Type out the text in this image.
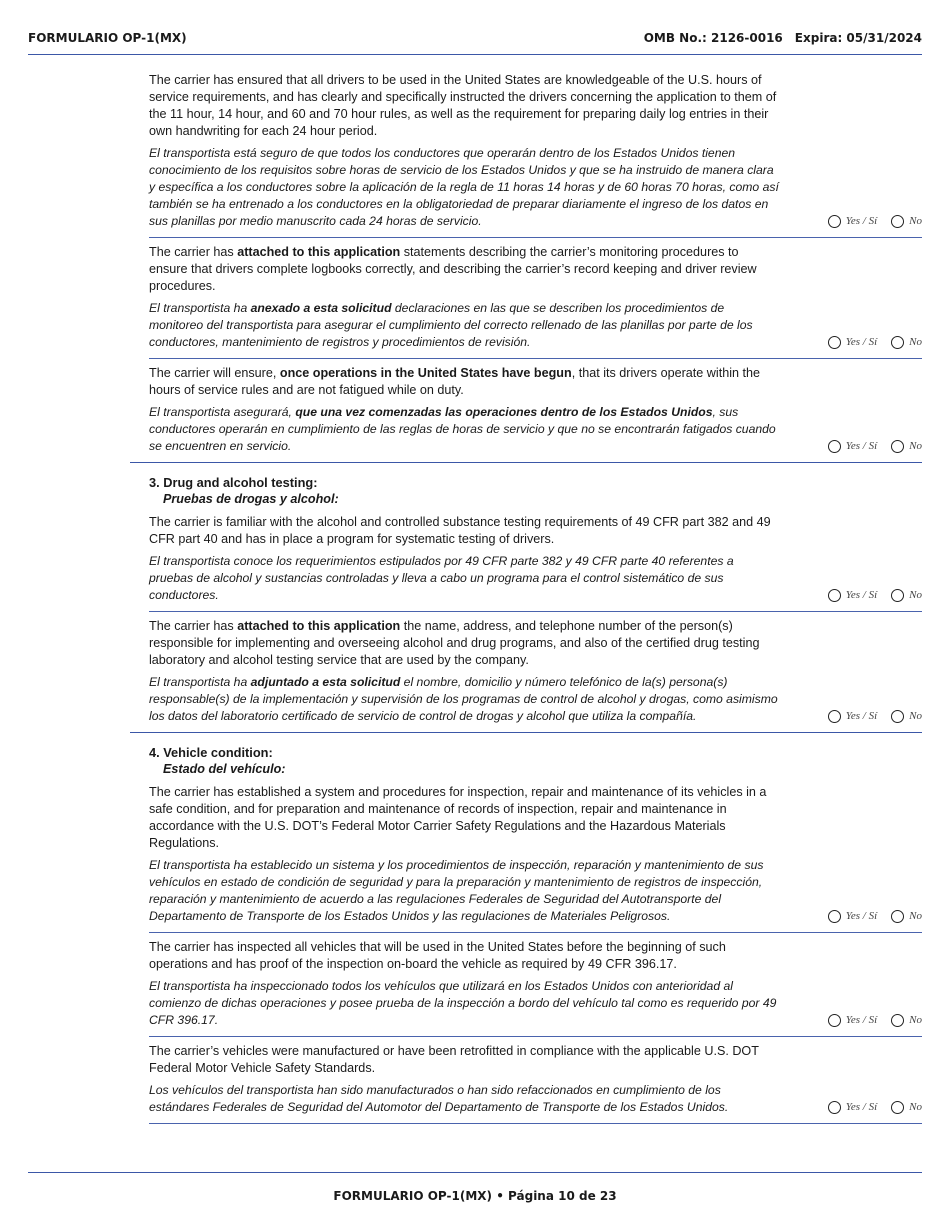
FORMULARIO OP-1(MX)	OMB No.: 2126-0016 Expira: 05/31/2024
The carrier has ensured that all drivers to be used in the United States are knowledgeable of the U.S. hours of service requirements, and has clearly and specifically instructed the drivers concerning the application to them of the 11 hour, 14 hour, and 60 and 70 hour rules, as well as the requirement for preparing daily log entries in their own handwriting for each 24 hour period.
El transportista está seguro de que todos los conductores que operarán dentro de los Estados Unidos tienen conocimiento de los requisitos sobre horas de servicio de los Estados Unidos y que se ha instruido de manera clara y específica a los conductores sobre la aplicación de la regla de 11 horas 14 horas y de 60 horas 70 horas, como así también se ha entrenado a los conductores en la obligatoriedad de preparar diariamente el ingreso de los datos en sus planillas por medio manuscrito cada 24 horas de servicio.	Yes / Sí	No
The carrier has attached to this application statements describing the carrier’s monitoring procedures to ensure that drivers complete logbooks correctly, and describing the carrier’s record keeping and driver review procedures.
El transportista ha anexado a esta solicitud declaraciones en las que se describen los procedimientos de monitoreo del transportista para asegurar el cumplimiento del correcto rellenado de las planillas por parte de los conductores, mantenimiento de registros y procedimientos de revisión.	Yes / Sí	No
The carrier will ensure, once operations in the United States have begun, that its drivers operate within the hours of service rules and are not fatigued while on duty.
El transportista asegurará, que una vez comenzadas las operaciones dentro de los Estados Unidos, sus conductores operarán en cumplimiento de las reglas de horas de servicio y que no se encontrarán fatigados cuando se encuentren en servicio.	Yes / Sí	No
3. Drug and alcohol testing:
Pruebas de drogas y alcohol:
The carrier is familiar with the alcohol and controlled substance testing requirements of 49 CFR part 382 and 49 CFR part 40 and has in place a program for systematic testing of drivers.
El transportista conoce los requerimientos estipulados por 49 CFR parte 382 y 49 CFR parte 40 referentes a pruebas de alcohol y sustancias controladas y lleva a cabo un programa para el control sistemático de sus conductores.	Yes / Sí	No
The carrier has attached to this application the name, address, and telephone number of the person(s) responsible for implementing and overseeing alcohol and drug programs, and also of the certified drug testing laboratory and alcohol testing service that are used by the company.
El transportista ha adjuntado a esta solicitud el nombre, domicilio y número telefónico de la(s) persona(s) responsable(s) de la implementación y supervisión de los programas de control de alcohol y drogas, como asimismo los datos del laboratorio certificado de servicio de control de drogas y alcohol que utiliza la compañía.	Yes / Sí	No
4. Vehicle condition:
Estado del vehículo:
The carrier has established a system and procedures for inspection, repair and maintenance of its vehicles in a safe condition, and for preparation and maintenance of records of inspection, repair and maintenance in accordance with the U.S. DOT’s Federal Motor Carrier Safety Regulations and the Hazardous Materials Regulations.
El transportista ha establecido un sistema y los procedimientos de inspección, reparación y mantenimiento de sus vehículos en estado de condición de seguridad y para la preparación y mantenimiento de registros de inspección, reparación y mantenimiento de acuerdo a las regulaciones Federales de Seguridad del Autotransporte del Departamento de Transporte de los Estados Unidos y las regulaciones de Materiales Peligrosos.	Yes / Sí	No
The carrier has inspected all vehicles that will be used in the United States before the beginning of such operations and has proof of the inspection on-board the vehicle as required by 49 CFR 396.17.
El transportista ha inspeccionado todos los vehículos que utilizará en los Estados Unidos con anterioridad al comienzo de dichas operaciones y posee prueba de la inspección a bordo del vehículo tal como es requerido por 49 CFR 396.17.	Yes / Sí	No
The carrier’s vehicles were manufactured or have been retrofitted in compliance with the applicable U.S. DOT Federal Motor Vehicle Safety Standards.
Los vehículos del transportista han sido manufacturados o han sido refaccionados en cumplimiento de los estándares Federales de Seguridad del Automotor del Departamento de Transporte de los Estados Unidos.	Yes / Sí	No
FORMULARIO OP-1(MX) • Página 10 de 23
